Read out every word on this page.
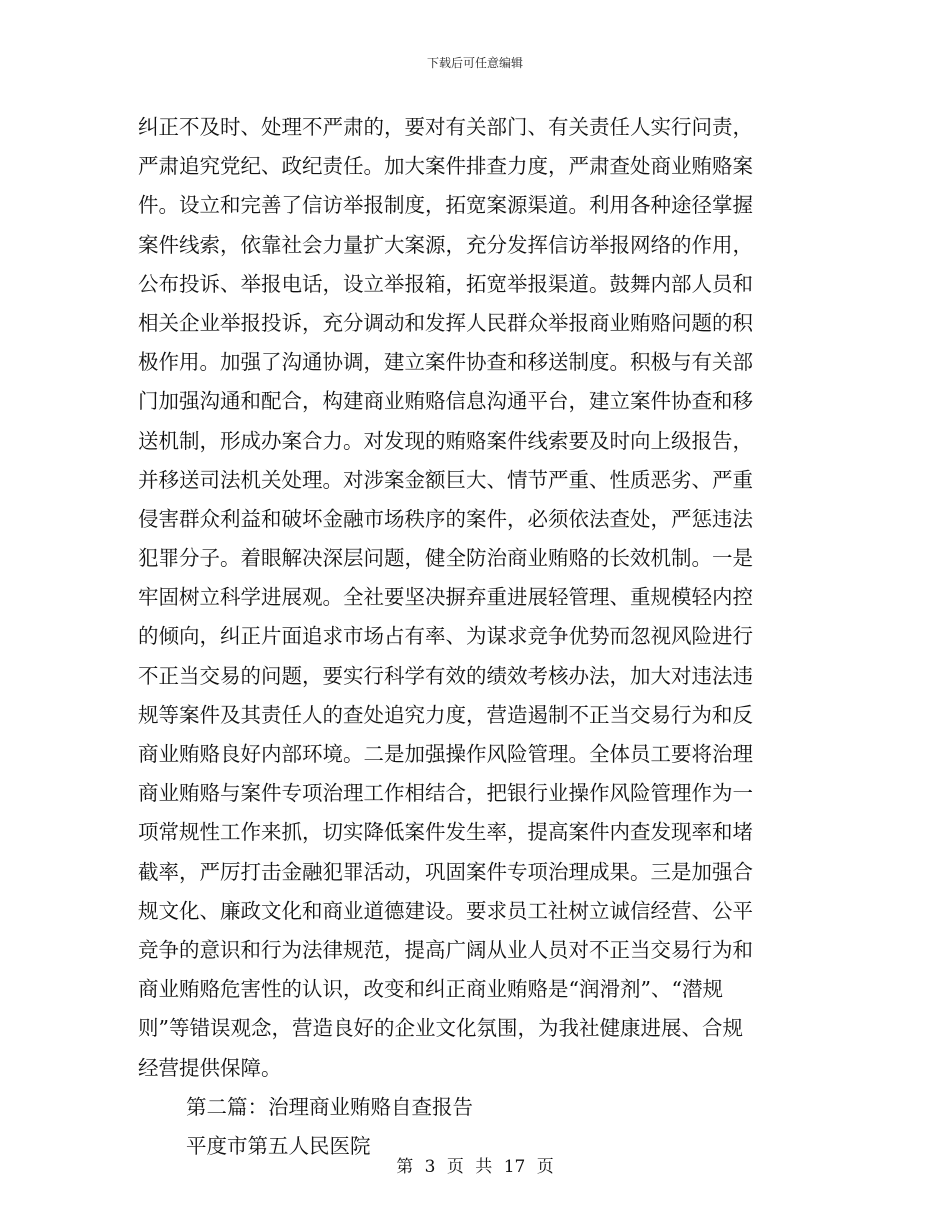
下载后可任意编辑
纠正不及时、处理不严肃的，要对有关部门、有关责任人实行问责，
严肃追究党纪、政纪责任。加大案件排查力度，严肃查处商业贿赂案
件。设立和完善了信访举报制度，拓宽案源渠道。利用各种途径掌握
案件线索，依靠社会力量扩大案源，充分发挥信访举报网络的作用，
公布投诉、举报电话，设立举报箱，拓宽举报渠道。鼓舞内部人员和
相关企业举报投诉，充分调动和发挥人民群众举报商业贿赂问题的积
极作用。加强了沟通协调，建立案件协查和移送制度。积极与有关部
门加强沟通和配合，构建商业贿赂信息沟通平台，建立案件协查和移
送机制，形成办案合力。对发现的贿赂案件线索要及时向上级报告，
并移送司法机关处理。对涉案金额巨大、情节严重、性质恶劣、严重
侵害群众利益和破坏金融市场秩序的案件，必须依法查处，严惩违法
犯罪分子。着眼解决深层问题，健全防治商业贿赂的长效机制。一是
牢固树立科学进展观。全社要坚决摒弃重进展轻管理、重规模轻内控
的倾向，纠正片面追求市场占有率、为谋求竞争优势而忽视风险进行
不正当交易的问题，要实行科学有效的绩效考核办法，加大对违法违
规等案件及其责任人的查处追究力度，营造遏制不正当交易行为和反
商业贿赂良好内部环境。二是加强操作风险管理。全体员工要将治理
商业贿赂与案件专项治理工作相结合，把银行业操作风险管理作为一
项常规性工作来抓，切实降低案件发生率，提高案件内查发现率和堵
截率，严厉打击金融犯罪活动，巩固案件专项治理成果。三是加强合
规文化、廉政文化和商业道德建设。要求员工社树立诚信经营、公平
竞争的意识和行为法律规范，提高广阔从业人员对不正当交易行为和
商业贿赂危害性的认识，改变和纠正商业贿赂是“润滑剂”、“潜规
则”等错误观念，营造良好的企业文化氛围，为我社健康进展、合规
经营提供保障。
第二篇：治理商业贿赂自查报告
平度市第五人民医院
第 3 页 共 17 页
